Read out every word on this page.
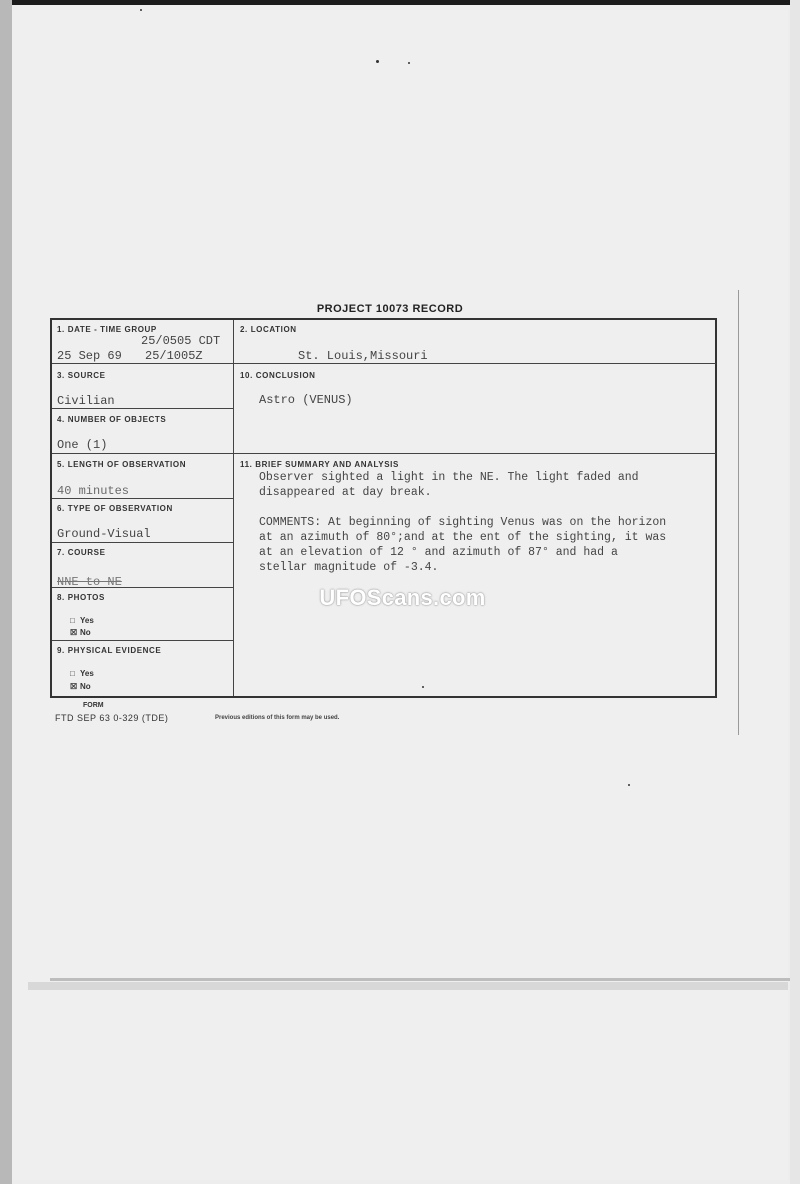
PROJECT 10073 RECORD
1. DATE - TIME GROUP
25/0505 CDT
25 Sep 69 25/1005Z
2. LOCATION
St. Louis,Missouri
3. SOURCE
Civilian
10. CONCLUSION
Astro (VENUS)
4. NUMBER OF OBJECTS
One (1)
5. LENGTH OF OBSERVATION
40 minutes
11. BRIEF SUMMARY AND ANALYSIS

Observer sighted a light in the NE. The light faded and
disappeared at day break.

COMMENTS: At beginning of sighting Venus was on the horizon
at an azimuth of 80°;and at the ent of the sighting, it was
at an elevation of 12 ° and azimuth of 87° and had a
stellar magnitude of -3.4.

6. TYPE OF OBSERVATION
Ground-Visual
7. COURSE
NNE to NE
UFOScans.com
8. PHOTOS
□ Yes
☒ No
9. PHYSICAL EVIDENCE
□ Yes
☒ No
FORM
FTD SEP 63 0-329 (TDE)	Previous editions of this form may be used.
